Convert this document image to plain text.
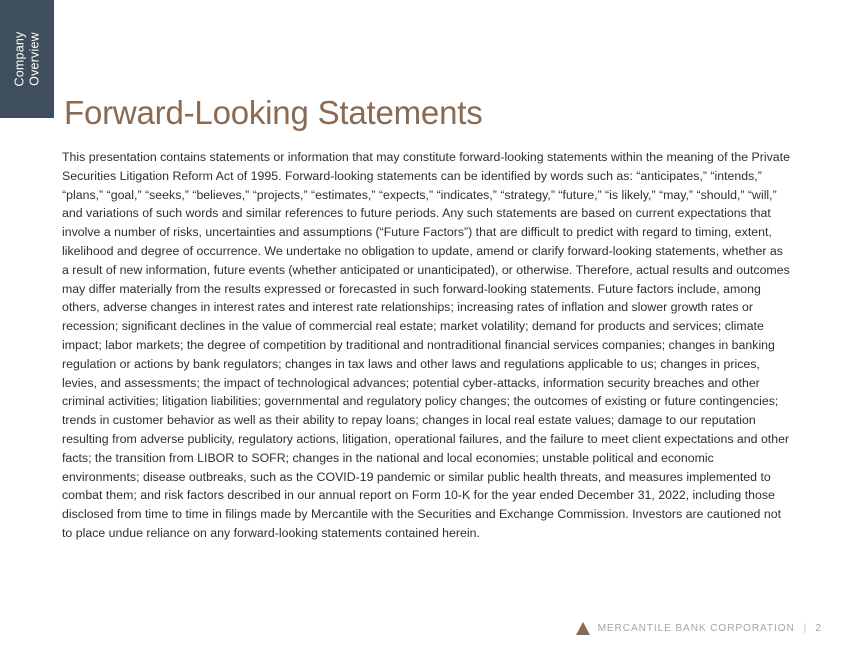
Company Overview
Forward-Looking Statements

This presentation contains statements or information that may constitute forward-looking statements within the meaning of the Private Securities Litigation Reform Act of 1995. Forward-looking statements can be identified by words such as: “anticipates,” “intends,” “plans,” “goal,” “seeks,” “believes,” “projects,” “estimates,” “expects,” “indicates,” “strategy,” “future,” “is likely,” “may,” “should,” “will,” and variations of such words and similar references to future periods. Any such statements are based on current expectations that involve a number of risks, uncertainties and assumptions (“Future Factors”) that are difficult to predict with regard to timing, extent, likelihood and degree of occurrence. We undertake no obligation to update, amend or clarify forward-looking statements, whether as a result of new information, future events (whether anticipated or unanticipated), or otherwise. Therefore, actual results and outcomes may differ materially from the results expressed or forecasted in such forward-looking statements. Future factors include, among others, adverse changes in interest rates and interest rate relationships; increasing rates of inflation and slower growth rates or recession; significant declines in the value of commercial real estate; market volatility; demand for products and services; climate impact; labor markets; the degree of competition by traditional and nontraditional financial services companies; changes in banking regulation or actions by bank regulators; changes in tax laws and other laws and regulations applicable to us; changes in prices, levies, and assessments; the impact of technological advances; potential cyber-attacks, information security breaches and other criminal activities; litigation liabilities; governmental and regulatory policy changes; the outcomes of existing or future contingencies; trends in customer behavior as well as their ability to repay loans; changes in local real estate values; damage to our reputation resulting from adverse publicity, regulatory actions, litigation, operational failures, and the failure to meet client expectations and other facts; the transition from LIBOR to SOFR; changes in the national and local economies; unstable political and economic environments; disease outbreaks, such as the COVID-19 pandemic or similar public health threats, and measures implemented to combat them; and risk factors described in our annual report on Form 10-K for the year ended December 31, 2022, including those disclosed from time to time in filings made by Mercantile with the Securities and Exchange Commission. Investors are cautioned not to place undue reliance on any forward-looking statements contained herein.

MERCANTILE BANK CORPORATION | 2
